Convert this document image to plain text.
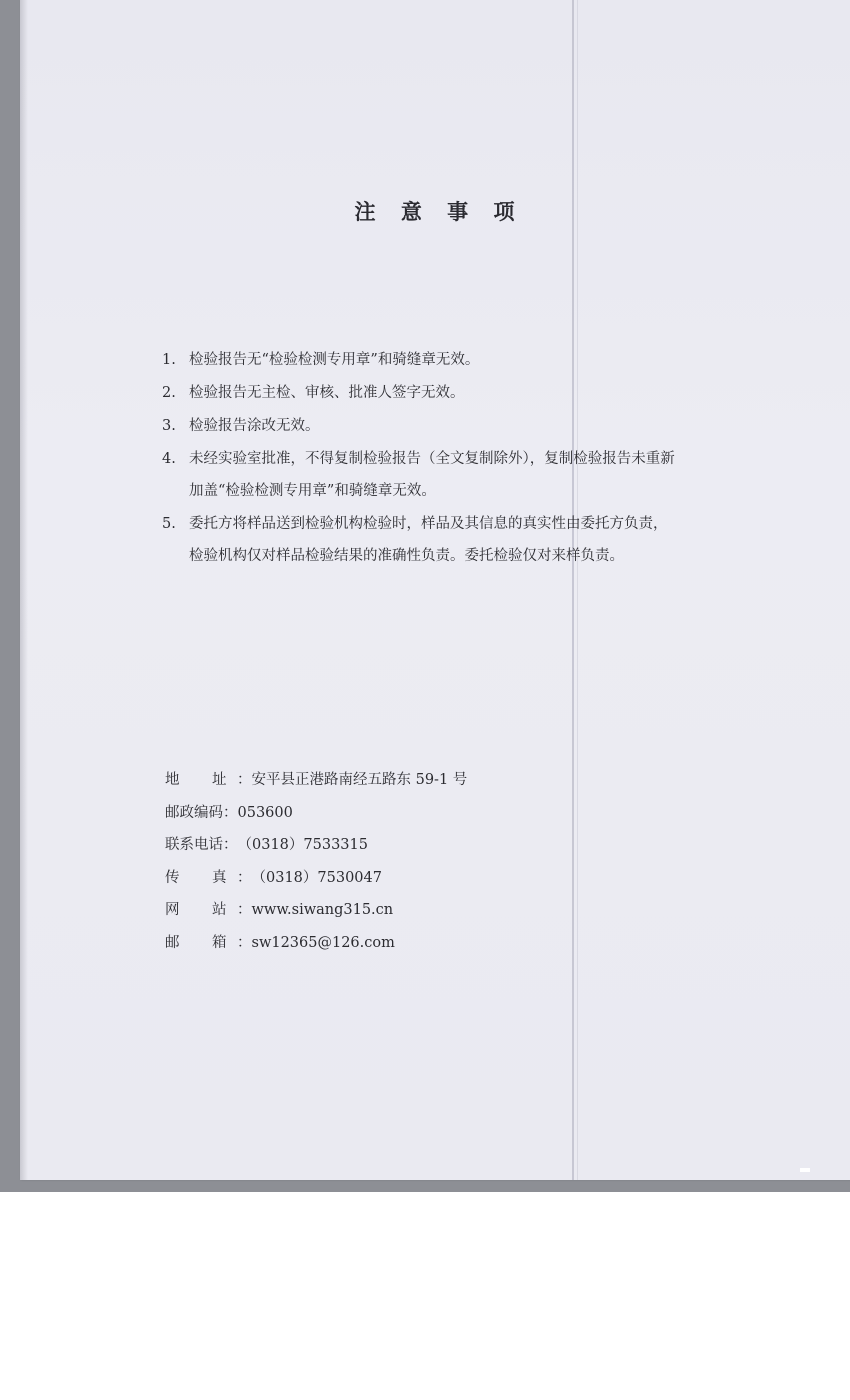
注 意 事 项
1. 检验报告无“检验检测专用章”和骑缝章无效。
2. 检验报告无主检、审核、批准人签字无效。
3. 检验报告涂改无效。
4. 未经实验室批准，不得复制检验报告（全文复制除外），复制检验报告未重新
加盖“检验检测专用章”和骑缝章无效。
5. 委托方将样品送到检验机构检验时，样品及其信息的真实性由委托方负责，
检验机构仅对样品检验结果的准确性负责。委托检验仅对来样负责。
地 址 ：安平县正港路南经五路东 59-1 号
邮政编码：053600
联系电话：（0318）7533315
传 真 ：（0318）7530047
网 站 ：www.siwang315.cn
邮 箱 ：sw12365@126.com
